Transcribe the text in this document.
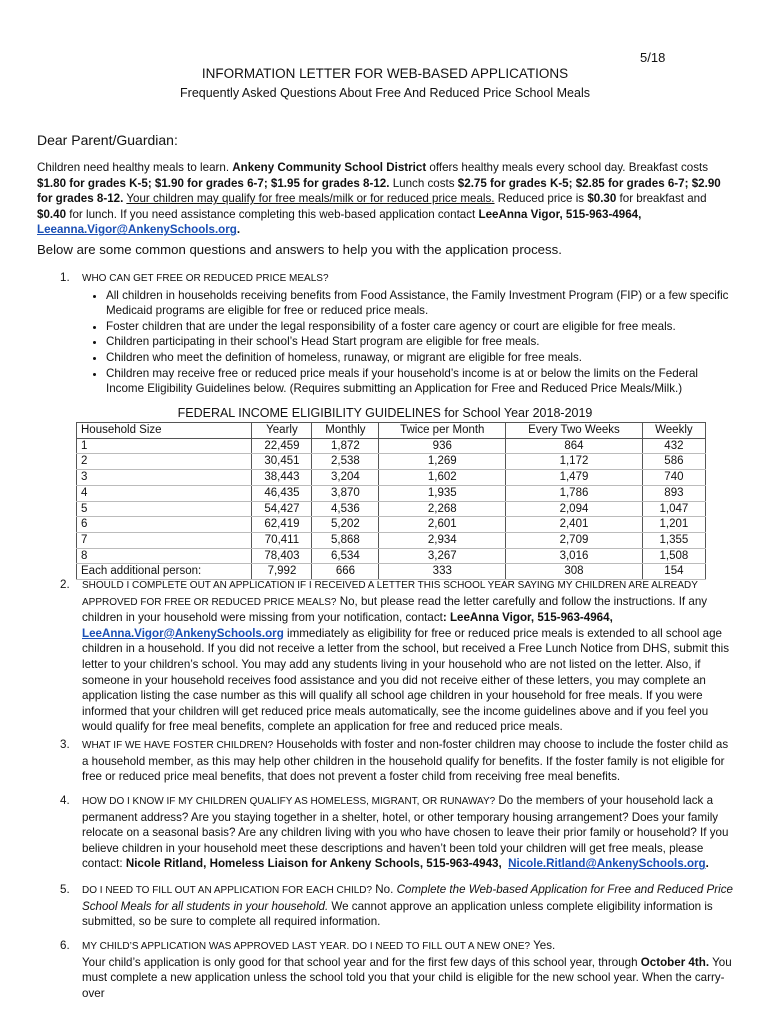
5/18
INFORMATION LETTER FOR WEB-BASED APPLICATIONS
Frequently Asked Questions About Free And Reduced Price School Meals
Dear Parent/Guardian:
Children need healthy meals to learn. Ankeny Community School District offers healthy meals every school day. Breakfast costs $1.80 for grades K-5; $1.90 for grades 6-7; $1.95 for grades 8-12. Lunch costs $2.75 for grades K-5; $2.85 for grades 6-7; $2.90 for grades 8-12. Your children may qualify for free meals/milk or for reduced price meals. Reduced price is $0.30 for breakfast and $0.40 for lunch. If you need assistance completing this web-based application contact LeeAnna Vigor, 515-963-4964,
Leeanna.Vigor@AnkenySchools.org.
Below are some common questions and answers to help you with the application process.
1. WHO CAN GET FREE OR REDUCED PRICE MEALS?
• All children in households receiving benefits from Food Assistance, the Family Investment Program (FIP) or a few specific Medicaid programs are eligible for free or reduced price meals.
• Foster children that are under the legal responsibility of a foster care agency or court are eligible for free meals.
• Children participating in their school’s Head Start program are eligible for free meals.
• Children who meet the definition of homeless, runaway, or migrant are eligible for free meals.
• Children may receive free or reduced price meals if your household’s income is at or below the limits on the Federal Income Eligibility Guidelines below. (Requires submitting an Application for Free and Reduced Price Meals/Milk.)
FEDERAL INCOME ELIGIBILITY GUIDELINES for School Year 2018-2019
Household Size	Yearly	Monthly	Twice per Month	Every Two Weeks	Weekly
1	22,459	1,872	936	864	432
2	30,451	2,538	1,269	1,172	586
3	38,443	3,204	1,602	1,479	740
4	46,435	3,870	1,935	1,786	893
5	54,427	4,536	2,268	2,094	1,047
6	62,419	5,202	2,601	2,401	1,201
7	70,411	5,868	2,934	2,709	1,355
8	78,403	6,534	3,267	3,016	1,508
Each additional person:	7,992	666	333	308	154
2. SHOULD I COMPLETE OUT AN APPLICATION IF I RECEIVED A LETTER THIS SCHOOL YEAR SAYING MY CHILDREN ARE ALREADY APPROVED FOR FREE OR REDUCED PRICE MEALS? No, but please read the letter carefully and follow the instructions. If any children in your household were missing from your notification, contact: LeeAnna Vigor, 515-963-4964,
LeeAnna.Vigor@AnkenySchools.org immediately as eligibility for free or reduced price meals is extended to all school age children in a household. If you did not receive a letter from the school, but received a Free Lunch Notice from DHS, submit this letter to your children’s school. You may add any students living in your household who are not listed on the letter. Also, if someone in your household receives food assistance and you did not receive either of these letters, you may complete an application listing the case number as this will qualify all school age children in your household for free meals. If you were informed that your children will get reduced price meals automatically, see the income guidelines above and if you feel you would qualify for free meal benefits, complete an application for free and reduced price meals.
3. WHAT IF WE HAVE FOSTER CHILDREN? Households with foster and non-foster children may choose to include the foster child as a household member, as this may help other children in the household qualify for benefits. If the foster family is not eligible for free or reduced price meal benefits, that does not prevent a foster child from receiving free meal benefits.
4. HOW DO I KNOW IF MY CHILDREN QUALIFY AS HOMELESS, MIGRANT, OR RUNAWAY? Do the members of your household lack a permanent address? Are you staying together in a shelter, hotel, or other temporary housing arrangement? Does your family relocate on a seasonal basis? Are any children living with you who have chosen to leave their prior family or household? If you believe children in your household meet these descriptions and haven’t been told your children will get free meals, please contact: Nicole Ritland, Homeless Liaison for Ankeny Schools, 515-963-4943, Nicole.Ritland@AnkenySchools.org.
5. DO I NEED TO FILL OUT AN APPLICATION FOR EACH CHILD? No. Complete the Web-based Application for Free and Reduced Price School Meals for all students in your household. We cannot approve an application unless complete eligibility information is submitted, so be sure to complete all required information.
6. MY CHILD’S APPLICATION WAS APPROVED LAST YEAR. DO I NEED TO FILL OUT A NEW ONE? Yes.
Your child’s application is only good for that school year and for the first few days of this school year, through October 4th. You must complete a new application unless the school told you that your child is eligible for the new school year. When the carry-over
